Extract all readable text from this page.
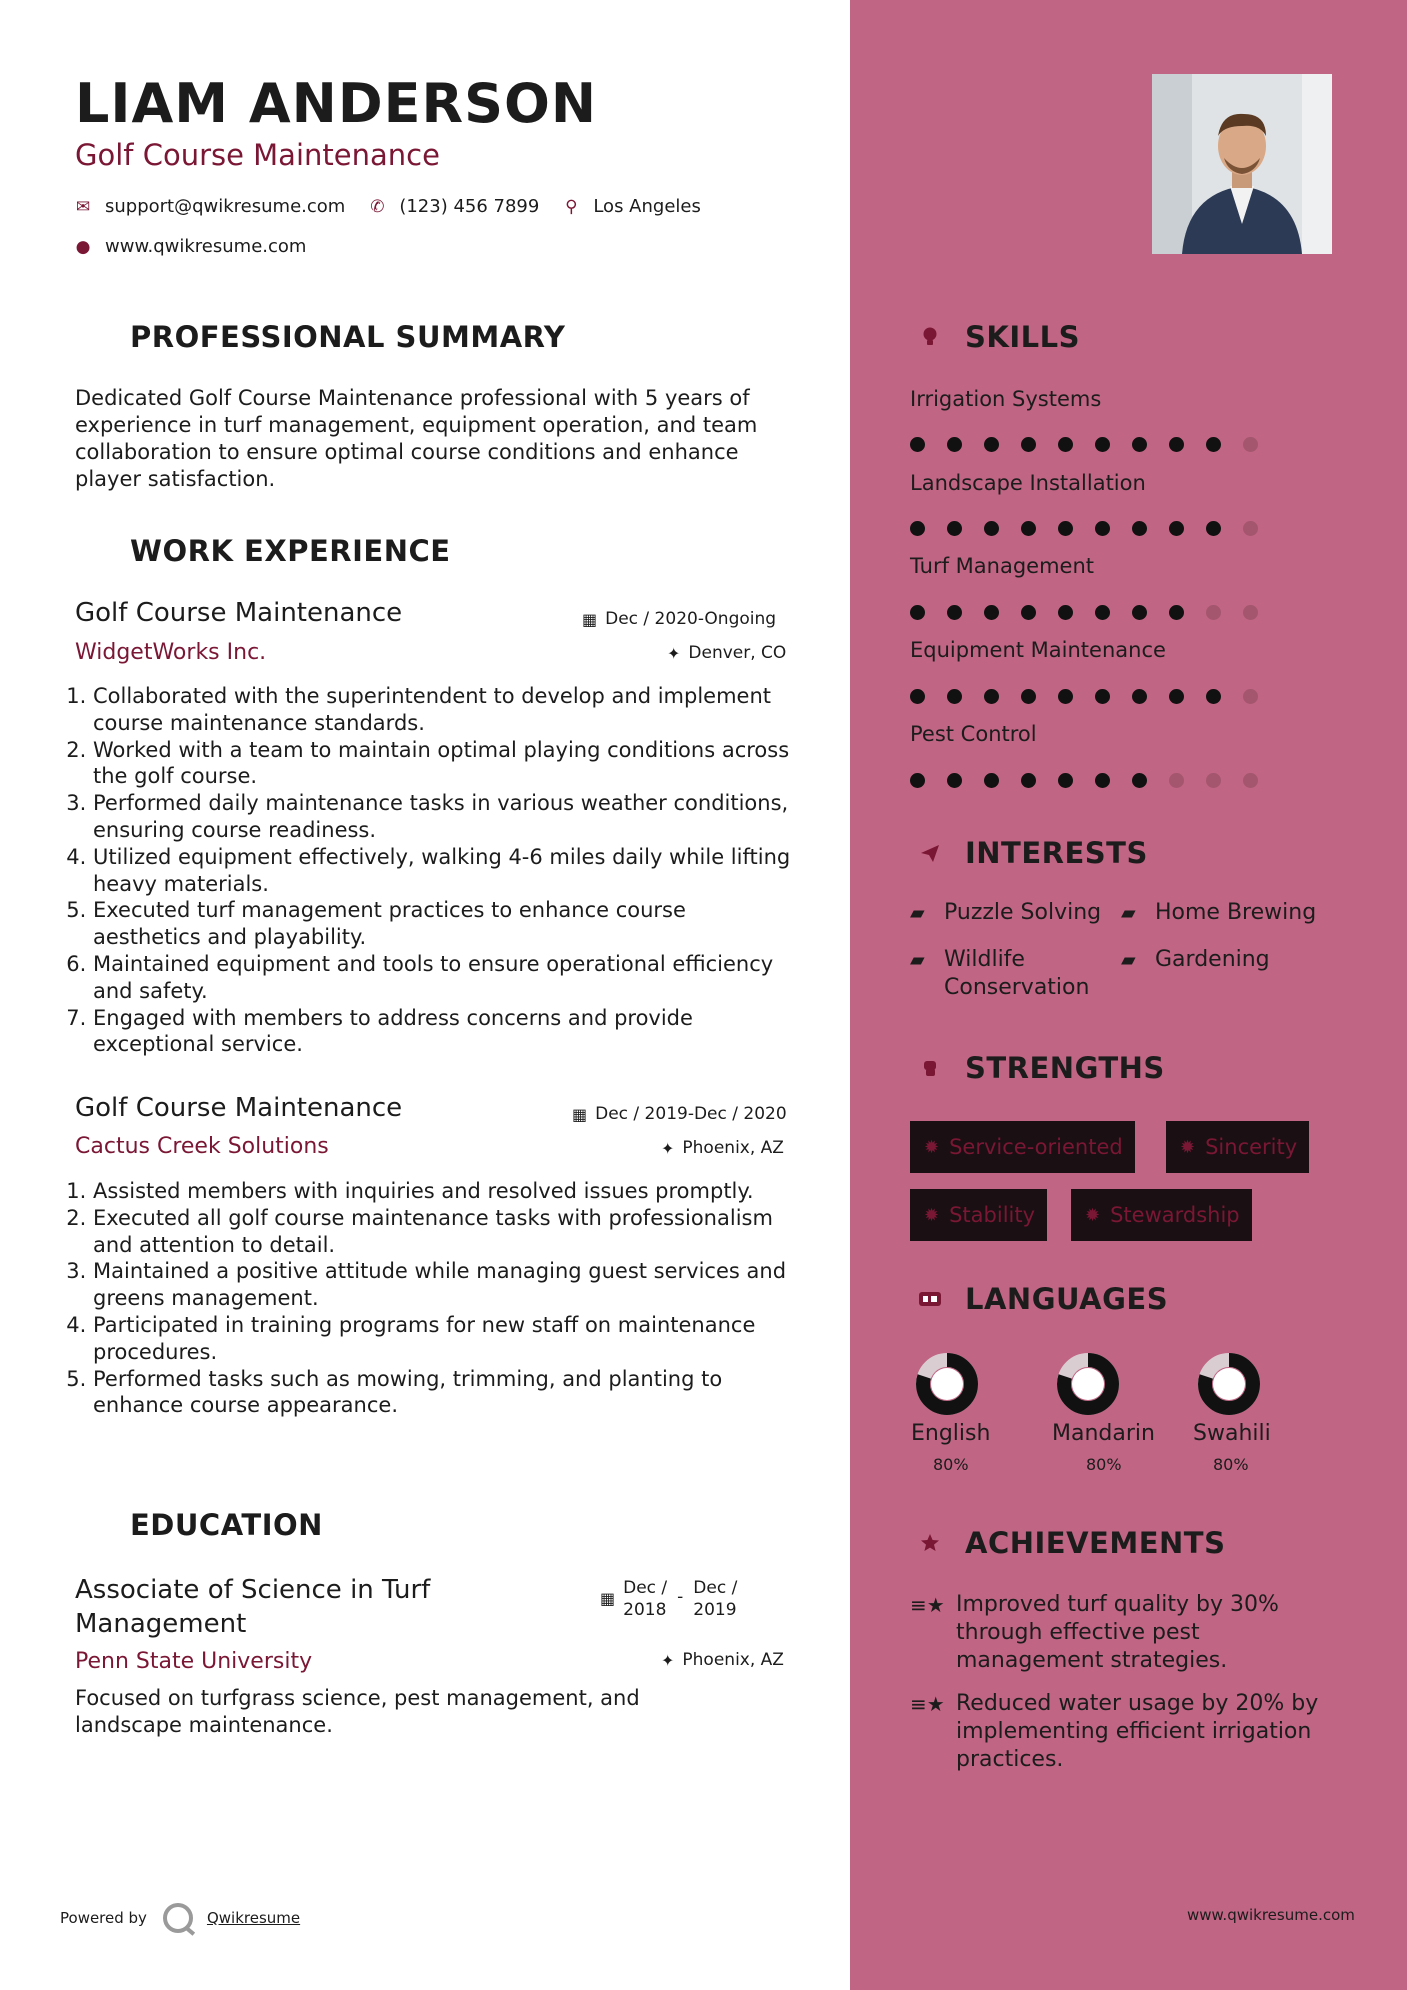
LIAM ANDERSON
Golf Course Maintenance
✉ support@qwikresume.com ✆ (123) 456 7899 ⚲ Los Angeles
● www.qwikresume.com
PROFESSIONAL SUMMARY
Dedicated Golf Course Maintenance professional with 5 years of experience in turf management, equipment operation, and team collaboration to ensure optimal course conditions and enhance player satisfaction.
WORK EXPERIENCE
Golf Course Maintenance	▦ Dec / 2020-Ongoing
WidgetWorks Inc.	✦ Denver, CO
1. Collaborated with the superintendent to develop and implement course maintenance standards.
2. Worked with a team to maintain optimal playing conditions across the golf course.
3. Performed daily maintenance tasks in various weather conditions, ensuring course readiness.
4. Utilized equipment effectively, walking 4-6 miles daily while lifting heavy materials.
5. Executed turf management practices to enhance course aesthetics and playability.
6. Maintained equipment and tools to ensure operational efficiency and safety.
7. Engaged with members to address concerns and provide exceptional service.
Golf Course Maintenance	▦ Dec / 2019-Dec / 2020
Cactus Creek Solutions	✦ Phoenix, AZ
1. Assisted members with inquiries and resolved issues promptly.
2. Executed all golf course maintenance tasks with professionalism and attention to detail.
3. Maintained a positive attitude while managing guest services and greens management.
4. Participated in training programs for new staff on maintenance procedures.
5. Performed tasks such as mowing, trimming, and planting to enhance course appearance.
EDUCATION
Associate of Science in Turf
Management
▦
Dec /
2018
- Dec /
2019
Penn State University	✦ Phoenix, AZ
Focused on turfgrass science, pest management, and landscape maintenance.
SKILLS
Irrigation Systems
Landscape Installation
Turf Management
Equipment Maintenance
Pest Control
INTERESTS
▰ Puzzle Solving ▰ Home Brewing
▰ Wildlife
Conservation
▰ Gardening
STRENGTHS
✹ Service-oriented	✹ Sincerity
✹ Stability	✹ Stewardship
LANGUAGES
English
80%
Mandarin
80%
Swahili
80%
ACHIEVEMENTS
≡★ Improved turf quality by 30%
through effective pest
management strategies.
≡★ Reduced water usage by 20% by
implementing efficient irrigation
practices.
Powered by	Qwikresume	www.qwikresume.com
